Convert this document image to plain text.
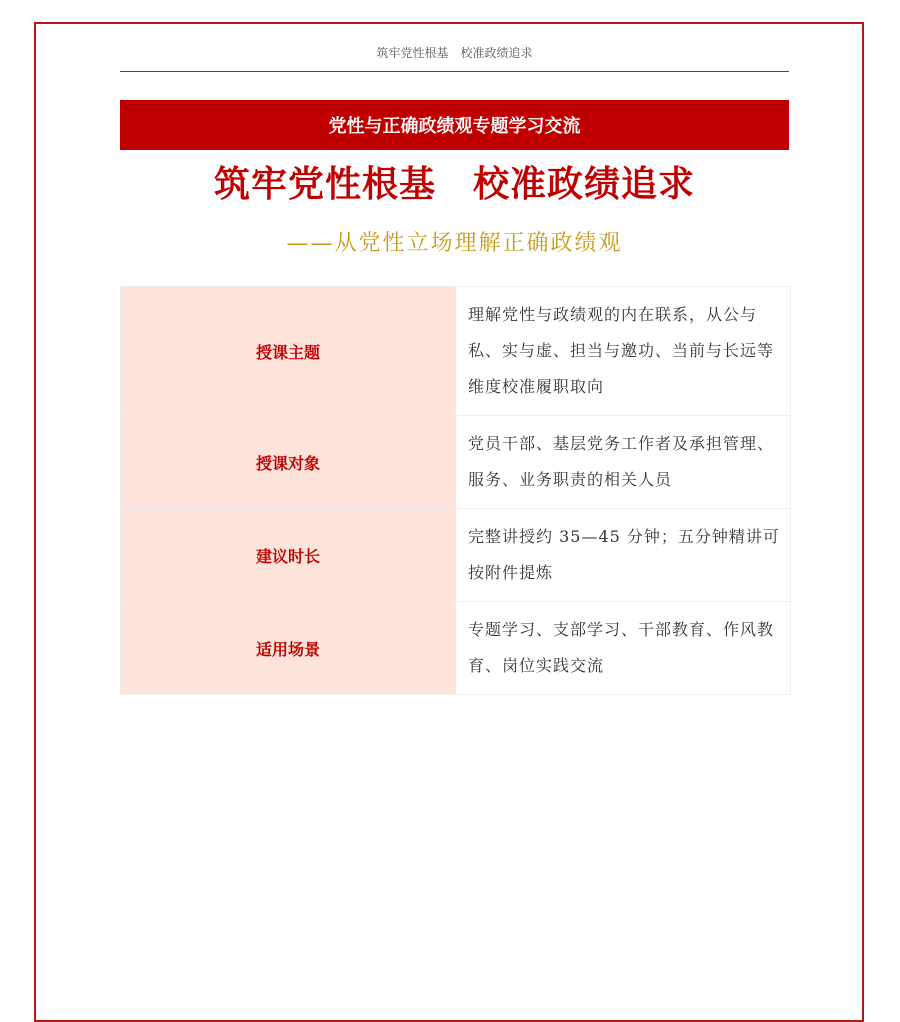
筑牢党性根基　校准政绩追求
党性与正确政绩观专题学习交流
筑牢党性根基　校准政绩追求
——从党性立场理解正确政绩观
授课主题	理解党性与政绩观的内在联系，从公与私、实与虚、担当与邀功、当前与长远等维度校准履职取向
授课对象	党员干部、基层党务工作者及承担管理、服务、业务职责的相关人员
建议时长	完整讲授约 35—45 分钟；五分钟精讲可按附件提炼
适用场景	专题学习、支部学习、干部教育、作风教育、岗位实践交流
